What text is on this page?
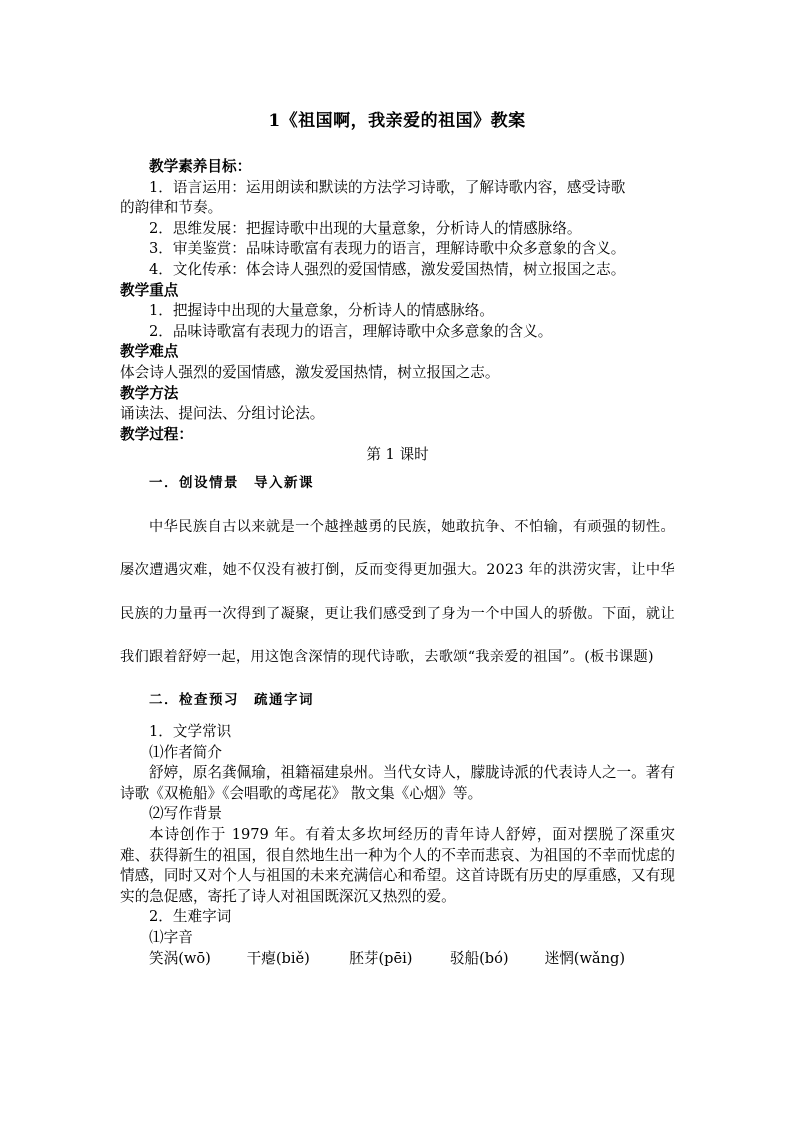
1《祖国啊，我亲爱的祖国》教案
教学素养目标：
1．语言运用：运用朗读和默读的方法学习诗歌，了解诗歌内容，感受诗歌
的韵律和节奏。
2．思维发展：把握诗歌中出现的大量意象，分析诗人的情感脉络。
3．审美鉴赏：品味诗歌富有表现力的语言，理解诗歌中众多意象的含义。
4．文化传承：体会诗人强烈的爱国情感，激发爱国热情，树立报国之志。
教学重点
1．把握诗中出现的大量意象，分析诗人的情感脉络。
2．品味诗歌富有表现力的语言，理解诗歌中众多意象的含义。
教学难点
体会诗人强烈的爱国情感，激发爱国热情，树立报国之志。
教学方法
诵读法、提问法、分组讨论法。
教学过程：
第 1 课时
一．创设情景　导入新课
中华民族自古以来就是一个越挫越勇的民族，她敢抗争、不怕输，有顽强的韧性。屡次遭遇灾难，她不仅没有被打倒，反而变得更加强大。2023 年的洪涝灾害，让中华民族的力量再一次得到了凝聚，更让我们感受到了身为一个中国人的骄傲。下面，就让我们跟着舒婷一起，用这饱含深情的现代诗歌，去歌颂“我亲爱的祖国”。(板书课题)
二．检查预习　疏通字词
1．文学常识
⑴作者简介
舒婷，原名龚佩瑜，祖籍福建泉州。当代女诗人，朦胧诗派的代表诗人之一。著有诗歌《双桅船》《会唱歌的鸢尾花》 散文集《心烟》等。
⑵写作背景
本诗创作于 1979 年。有着太多坎坷经历的青年诗人舒婷，面对摆脱了深重灾难、获得新生的祖国，很自然地生出一种为个人的不幸而悲哀、为祖国的不幸而忧虑的情感，同时又对个人与祖国的未来充满信心和希望。这首诗既有历史的厚重感，又有现实的急促感，寄托了诗人对祖国既深沉又热烈的爱。
2．生难字词
⑴字音
笑涡(wō) 干瘪(biě)	胚芽(pēi)	驳船(bó) 迷惘(wǎng)
